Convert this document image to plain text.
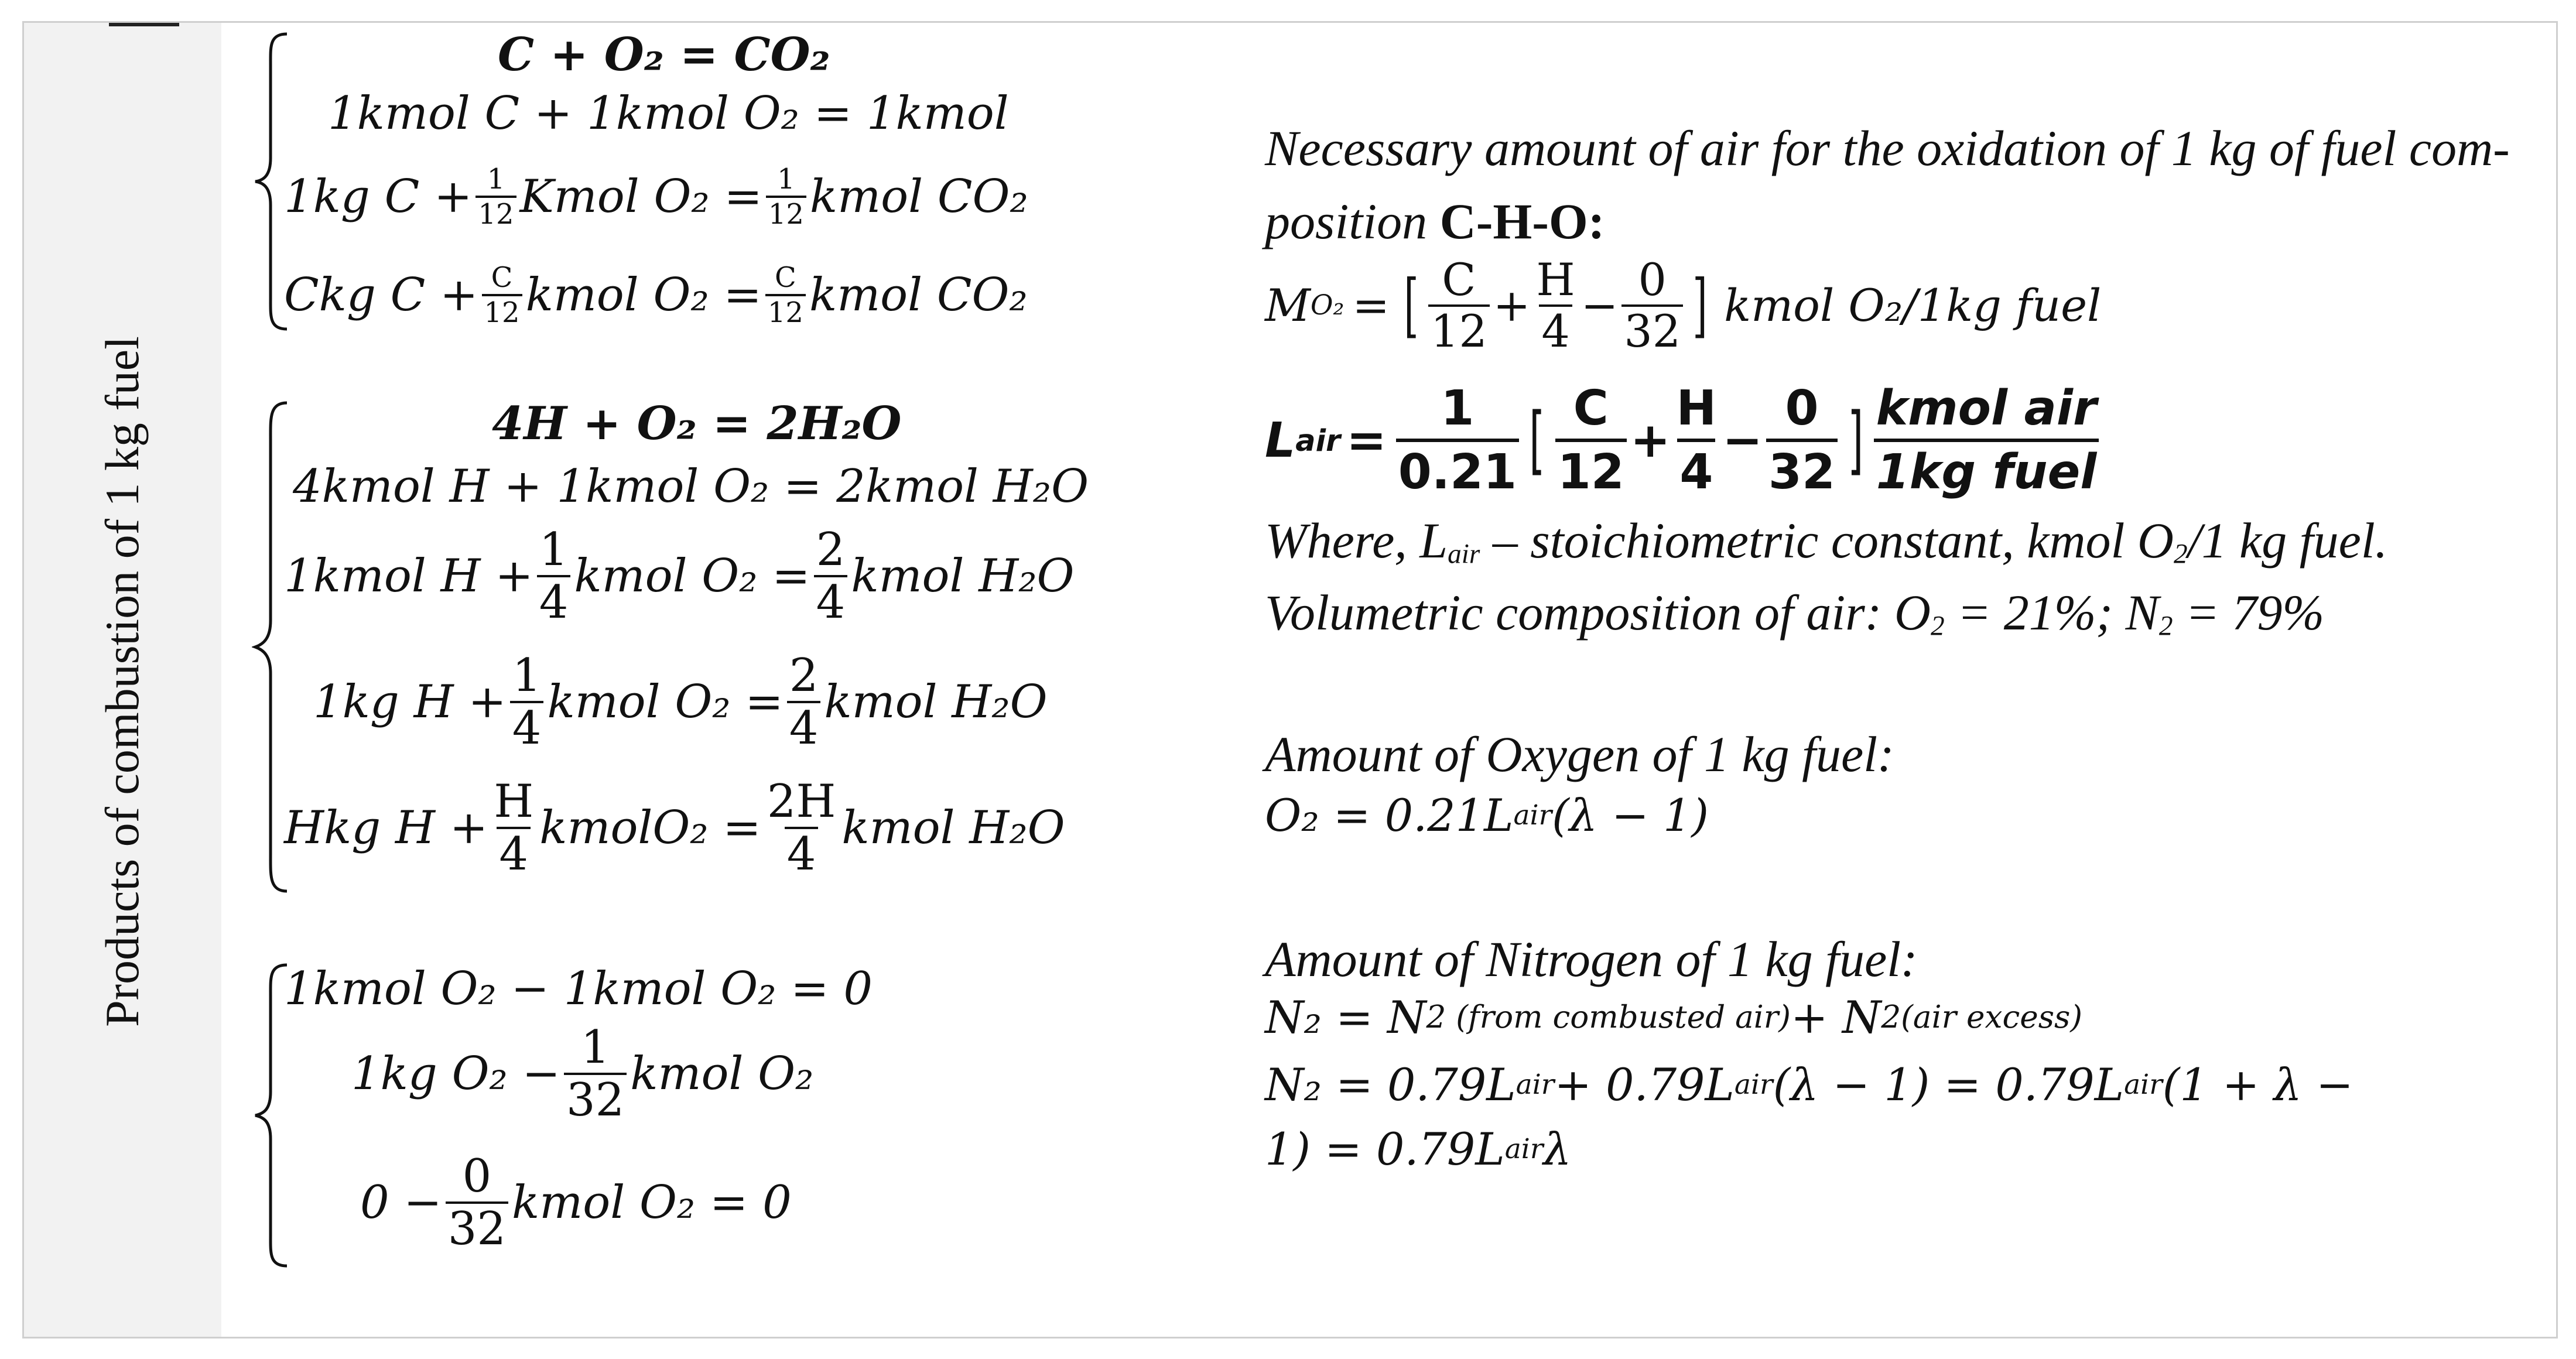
Products of combustion of 1 kg fuel
C + O₂ = CO₂
1kmol C + 1kmol O₂ = 1kmol
1kg $C + \frac{1}{12}$ Kmol $O_2 = \frac{1}{12}$ kmol CO₂
Ckg $C + \frac{C}{12}$ kmol $O_2 = \frac{C}{12}$ kmol CO₂
4H + O₂ = 2H₂O
4kmol H + 1kmol O₂ = 2kmol H₂O
1kmol $H + \frac{1}{4}$ kmol $O_2 = \frac{2}{4}$ kmol H₂O
1kg $H + \frac{1}{4}$ kmol $O_2 = \frac{2}{4}$ kmol H₂O
Hkg $H + \frac{H}{4}$ kmolO₂ = $\frac{2H}{4}$ kmol H₂O
1kmol O₂ − 1kmol O₂ = 0
1kg $O_2 - \frac{1}{32}$ kmol O₂
$0 - \frac{0}{32}$ kmol O₂ = 0
Necessary amount of air for the oxidation of 1 kg of fuel com-
position C-H-O:
M O₂ = [ $\frac{C}{12} + \frac{H}{4} - \frac{0}{32}$ ] kmol O₂/1kg fuel
L air = $\frac{1}{0.21}$ [ $\frac{C}{12} + \frac{H}{4} - \frac{0}{32}$ ] $\frac{\text{kmol air}}{\text{1kg fuel}}$
Where, Lair – stoichiometric constant, kmol O2/1 kg fuel.
Volumetric composition of air: O2 = 21%; N2 = 79%
Amount of Oxygen of 1 kg fuel:
O₂ = 0.21L air (λ − 1)
Amount of Nitrogen of 1 kg fuel:
N₂ = N 2 (from combusted air) + N 2(air excess)
N₂ = 0.79L air + 0.79L air (λ − 1) = 0.79L air (1 + λ −
1) = 0.79L air λ
